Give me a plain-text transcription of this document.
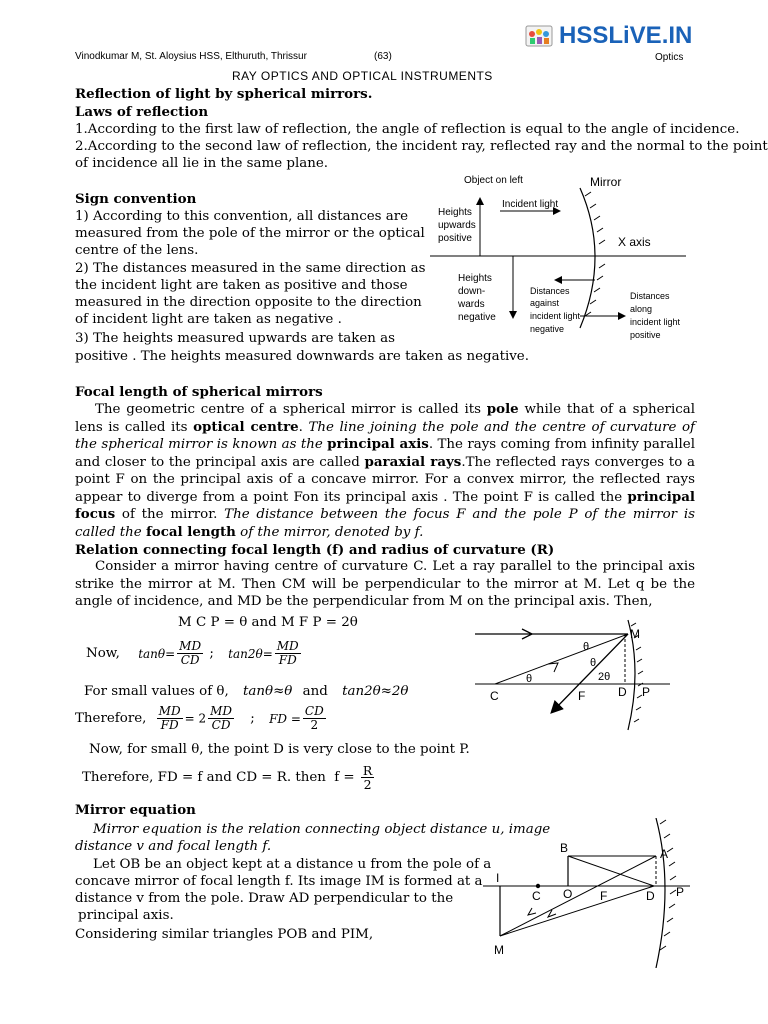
Vinodkumar M, St. Aloysius HSS, Elthuruth, Thrissur	(63)
HSSLiVE.IN
Optics
RAY OPTICS AND OPTICAL INSTRUMENTS
Reflection of light by spherical mirrors.
Laws of reflection
1.According to the first law of reflection, the angle of reflection is equal to the angle of incidence.
2.According to the second law of reflection, the incident ray, reflected ray and the normal to the point
of incidence all lie in the same plane.
Sign convention
1) According to this convention, all distances are
measured from the pole of the mirror or the optical
centre of the lens.
2) The distances measured in the same direction as
the incident light are taken as positive and those
measured in the direction opposite to the direction
of incident light are taken as negative .
3) The heights measured upwards are taken as
positive . The heights measured downwards are taken as negative.
Object on left	Mirror
Incident light
Heights
upwards
positive	X axis
Heights
down-
wards
negative
Distances
against
incident light
negative
Distances
along
incident light
positive
Focal length of spherical mirrors
The geometric centre of a spherical mirror is called its pole while that of a spherical lens is called its optical centre. The line joining the pole and the centre of curvature of the spherical mirror is known as the principal axis. The rays coming from infinity parallel and closer to the principal axis are called paraxial rays.The reflected rays converges to a point F on the principal axis of a concave mirror. For a convex mirror, the reflected rays appear to diverge from a point Fon its principal axis . The point F is called the principal focus of the mirror. The distance between the focus F and the pole P of the mirror is called the focal length of the mirror, denoted by f.
Relation connecting focal length (f) and radius of curvature (R)
Consider a mirror having centre of curvature C. Let a ray parallel to the principal axis strike the mirror at M. Then CM will be perpendicular to the mirror at M. Let q be the angle of incidence, and MD be the perpendicular from M on the principal axis. Then,
M C P = θ and M F P = 2θ
Now, $\tan\theta= \frac{MD}{CD}$ ; $\tan 2\theta= \frac{MD}{FD}$
For small values of θ, tanθ≈θ and tan2θ≈2θ
Therefore, $\frac{MD}{FD} = 2 \frac{MD}{CD}$ ; FD = $\frac{CD}{2}$
Now, for small θ, the point D is very close to the point P.
Therefore, FD = f and CD = R. then $f = \frac{R}{2}$
M
C	F	D P
θ
θ
θ	2θ
Mirror equation
Mirror equation is the relation connecting object distance u, image
distance v and focal length f.
Let OB be an object kept at a distance u from the pole of a
concave mirror of focal length f. Its image IM is formed at a
distance v from the pole. Draw AD perpendicular to the
principal axis.
Considering similar triangles POB and PIM,
B	A
I
C O F	D P
M
